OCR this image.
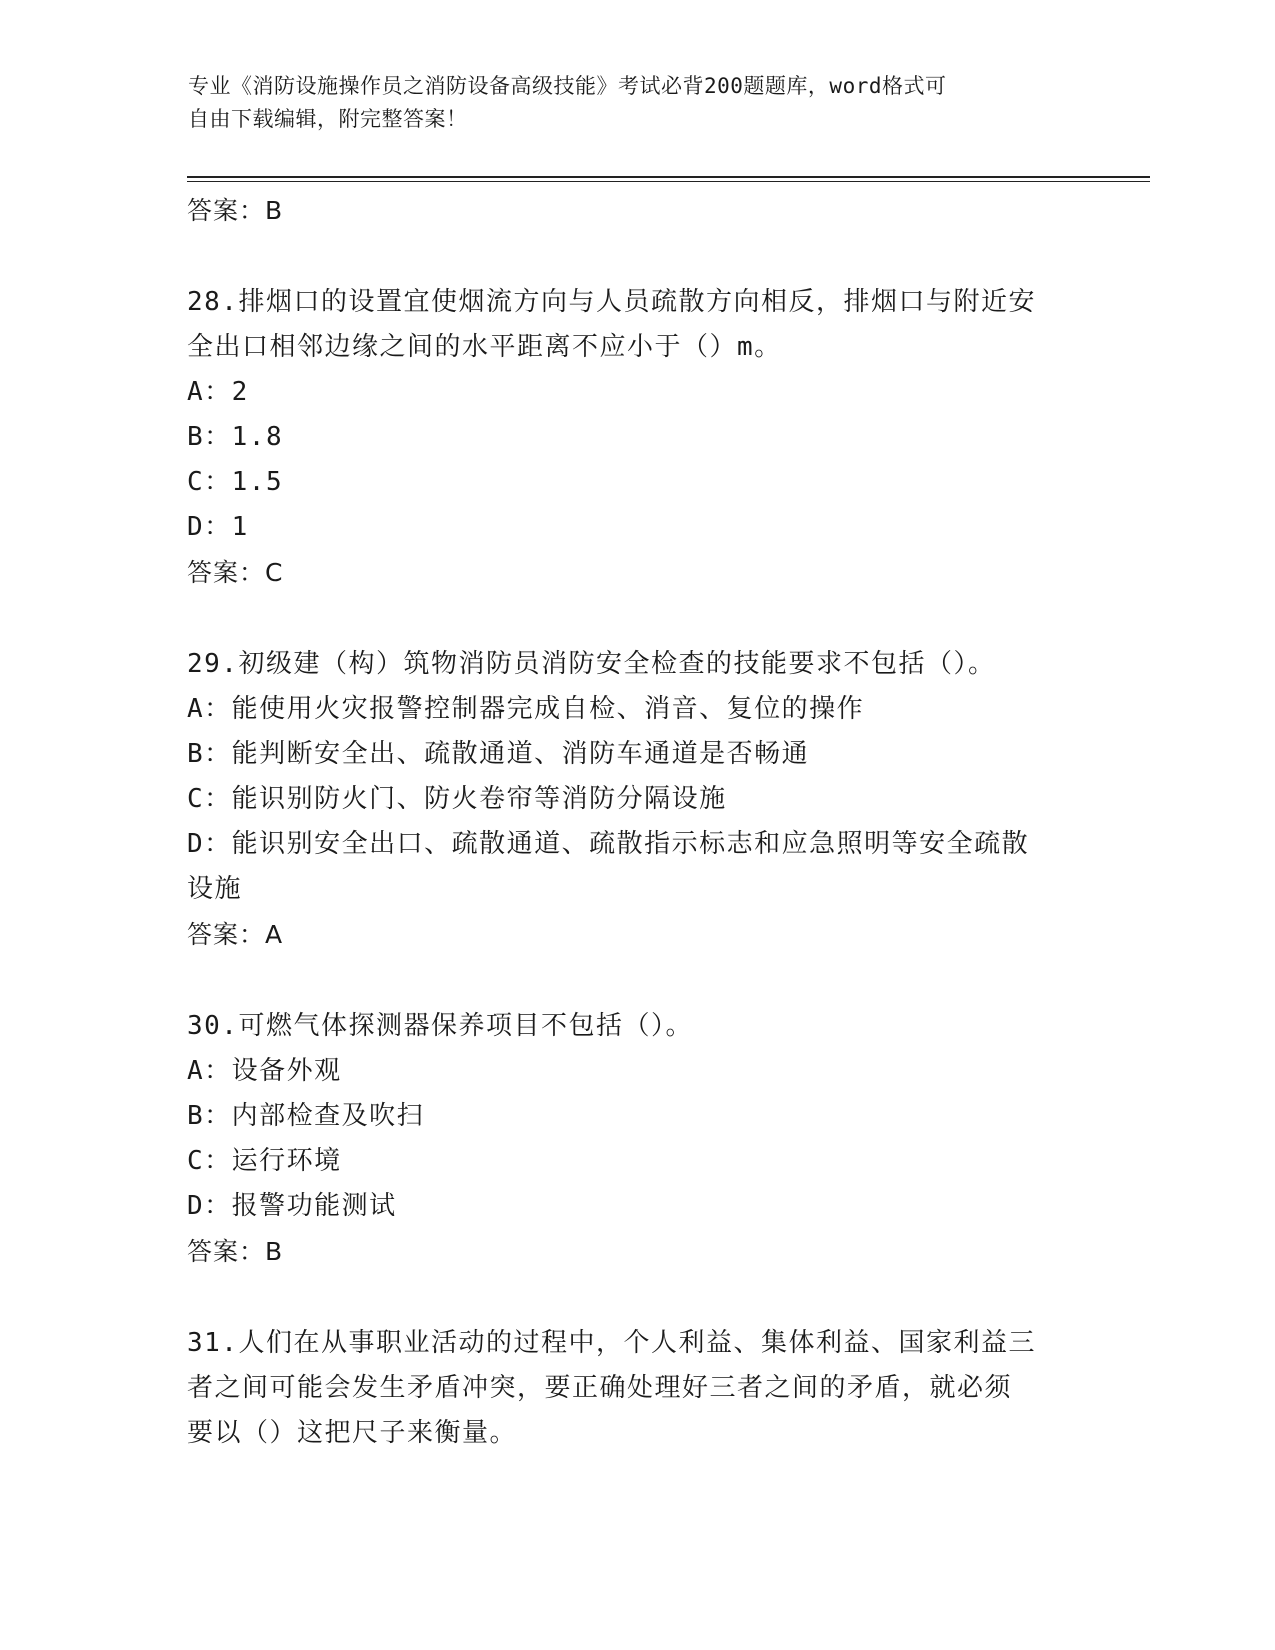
专业《消防设施操作员之消防设备高级技能》考试必背200题题库，word格式可
自由下载编辑，附完整答案！
答案：B
28.排烟口的设置宜使烟流方向与人员疏散方向相反，排烟口与附近安
全出口相邻边缘之间的水平距离不应小于（）m。
A：2
B：1.8
C：1.5
D：1
答案：C
29.初级建（构）筑物消防员消防安全检查的技能要求不包括（）。
A：能使用火灾报警控制器完成自检、消音、复位的操作
B：能判断安全出、疏散通道、消防车通道是否畅通
C：能识别防火门、防火卷帘等消防分隔设施
D：能识别安全出口、疏散通道、疏散指示标志和应急照明等安全疏散
设施
答案：A
30.可燃气体探测器保养项目不包括（）。
A：设备外观
B：内部检查及吹扫
C：运行环境
D：报警功能测试
答案：B
31.人们在从事职业活动的过程中，个人利益、集体利益、国家利益三
者之间可能会发生矛盾冲突，要正确处理好三者之间的矛盾，就必须
要以（）这把尺子来衡量。
